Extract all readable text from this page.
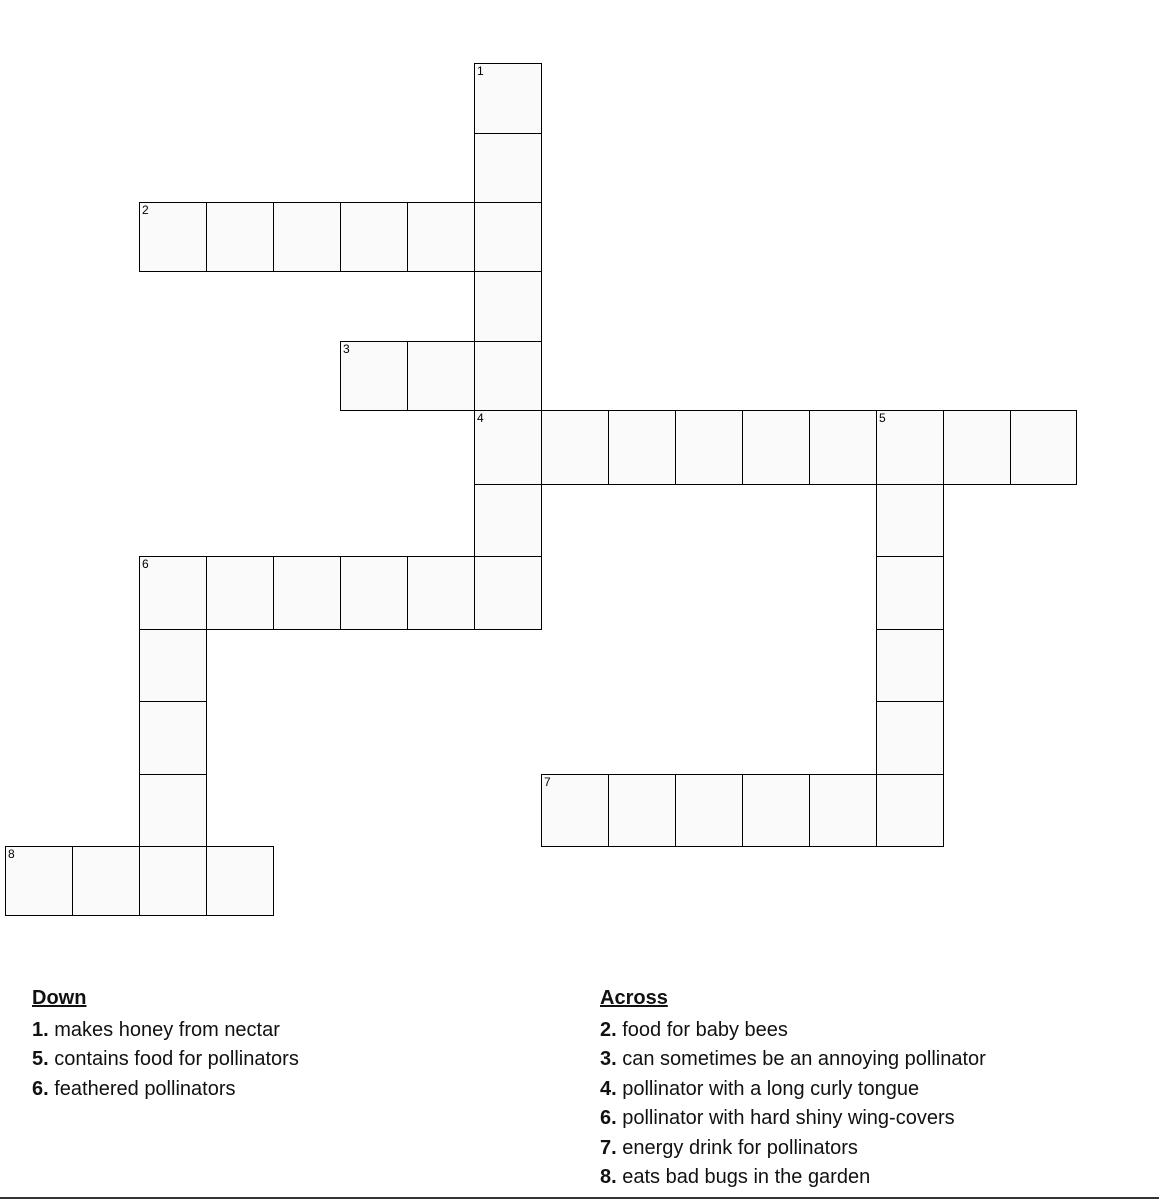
1
2
3
4	5
6
7
8
Down
1. makes honey from nectar
5. contains food for pollinators
6. feathered pollinators
Across
2. food for baby bees
3. can sometimes be an annoying pollinator
4. pollinator with a long curly tongue
6. pollinator with hard shiny wing-covers
7. energy drink for pollinators
8. eats bad bugs in the garden
